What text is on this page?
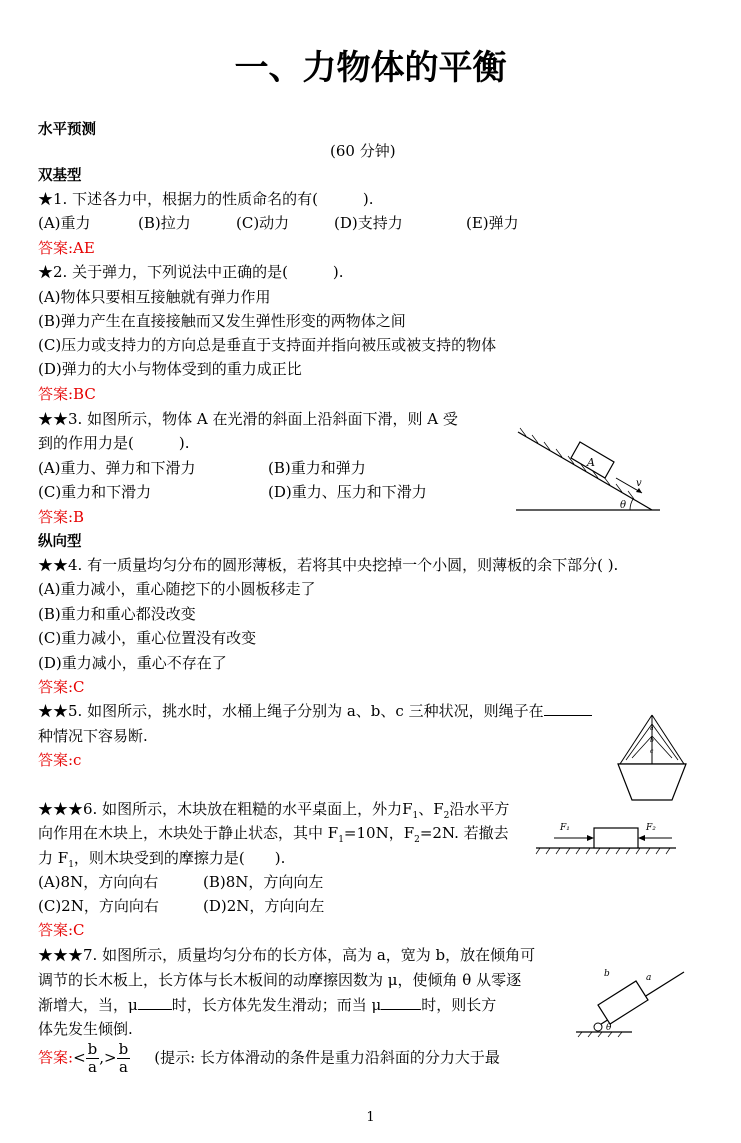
一、力物体的平衡
水平预测
(60 分钟)
双基型
★1. 下述各力中，根据力的性质命名的有(　　　).
(A)重力	(B)拉力	(C)动力	(D)支持力	(E)弹力
答案:AE
★2. 关于弹力，下列说法中正确的是(　　　).
(A)物体只要相互接触就有弹力作用
(B)弹力产生在直接接触而又发生弹性形变的两物体之间
(C)压力或支持力的方向总是垂直于支持面并指向被压或被支持的物体
(D)弹力的大小与物体受到的重力成正比
答案:BC
★★3. 如图所示，物体 A 在光滑的斜面上沿斜面下滑，则 A 受
到的作用力是(　　　).
(A)重力、弹力和下滑力	(B)重力和弹力
(C)重力和下滑力	(D)重力、压力和下滑力
答案:B
A
v
θ
纵向型
★★4. 有一质量均匀分布的圆形薄板，若将其中央挖掉一个小圆，则薄板的余下部分( ).
(A)重力减小，重心随挖下的小圆板移走了
(B)重力和重心都没改变
(C)重力减小，重心位置没有改变
(D)重力减小，重心不存在了
答案:C
★★5. 如图所示，挑水时，水桶上绳子分别为 a、b、c 三种状况，则绳子在
种情况下容易断.
答案:c
a
b
c
★★★6. 如图所示，木块放在粗糙的水平桌面上，外力$F_1$、$F_2$沿水平方
向作用在木块上，木块处于静止状态，其中 $F_1=10N$，$F_2=2N$. 若撤去
力 $F_1$，则木块受到的摩擦力是(　　).
(A)8N，方向向右	(B)8N，方向向左
(C)2N，方向向右	(D)2N，方向向左
答案:C
F₁	F₂
★★★7. 如图所示，质量均匀分布的长方体，高为 a，宽为 b，放在倾角可
调节的长木板上，长方体与长木板间的动摩擦因数为 μ，使倾角 θ 从零逐
渐增大，当，μ 时，长方体先发生滑动；而当 μ	时，则长方
体先发生倾倒.
答案:< $\frac{b}{a}$ ,> $\frac{b}{a}$ (提示: 长方体滑动的条件是重力沿斜面的分力大于最
b	a
θ
1
